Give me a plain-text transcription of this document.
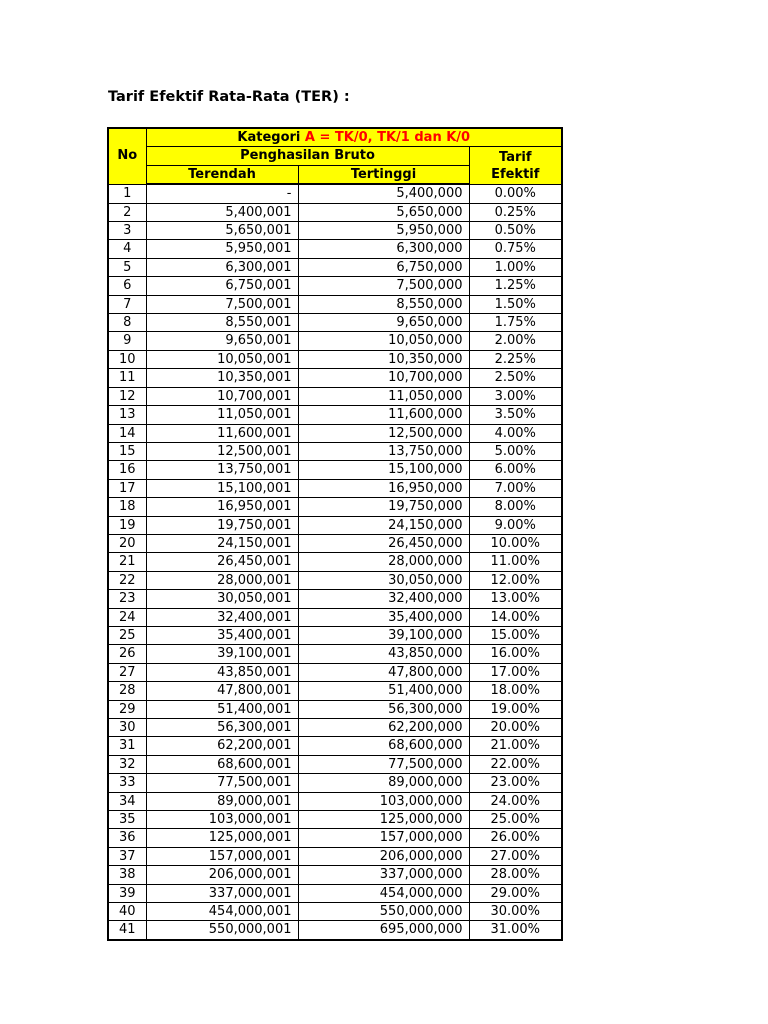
Tarif Efektif Rata-Rata (TER) :
No	Kategori A = TK/0, TK/1 dan K/0		
	Penghasilan Bruto		Tarif
Efektif
	Terendah	Tertinggi	
1	-	5,400,000	0.00%
2	5,400,001	5,650,000	0.25%
3	5,650,001	5,950,000	0.50%
4	5,950,001	6,300,000	0.75%
5	6,300,001	6,750,000	1.00%
6	6,750,001	7,500,000	1.25%
7	7,500,001	8,550,000	1.50%
8	8,550,001	9,650,000	1.75%
9	9,650,001	10,050,000	2.00%
10	10,050,001	10,350,000	2.25%
11	10,350,001	10,700,000	2.50%
12	10,700,001	11,050,000	3.00%
13	11,050,001	11,600,000	3.50%
14	11,600,001	12,500,000	4.00%
15	12,500,001	13,750,000	5.00%
16	13,750,001	15,100,000	6.00%
17	15,100,001	16,950,000	7.00%
18	16,950,001	19,750,000	8.00%
19	19,750,001	24,150,000	9.00%
20	24,150,001	26,450,000	10.00%
21	26,450,001	28,000,000	11.00%
22	28,000,001	30,050,000	12.00%
23	30,050,001	32,400,000	13.00%
24	32,400,001	35,400,000	14.00%
25	35,400,001	39,100,000	15.00%
26	39,100,001	43,850,000	16.00%
27	43,850,001	47,800,000	17.00%
28	47,800,001	51,400,000	18.00%
29	51,400,001	56,300,000	19.00%
30	56,300,001	62,200,000	20.00%
31	62,200,001	68,600,000	21.00%
32	68,600,001	77,500,000	22.00%
33	77,500,001	89,000,000	23.00%
34	89,000,001	103,000,000	24.00%
35	103,000,001	125,000,000	25.00%
36	125,000,001	157,000,000	26.00%
37	157,000,001	206,000,000	27.00%
38	206,000,001	337,000,000	28.00%
39	337,000,001	454,000,000	29.00%
40	454,000,001	550,000,000	30.00%
41	550,000,001	695,000,000	31.00%
